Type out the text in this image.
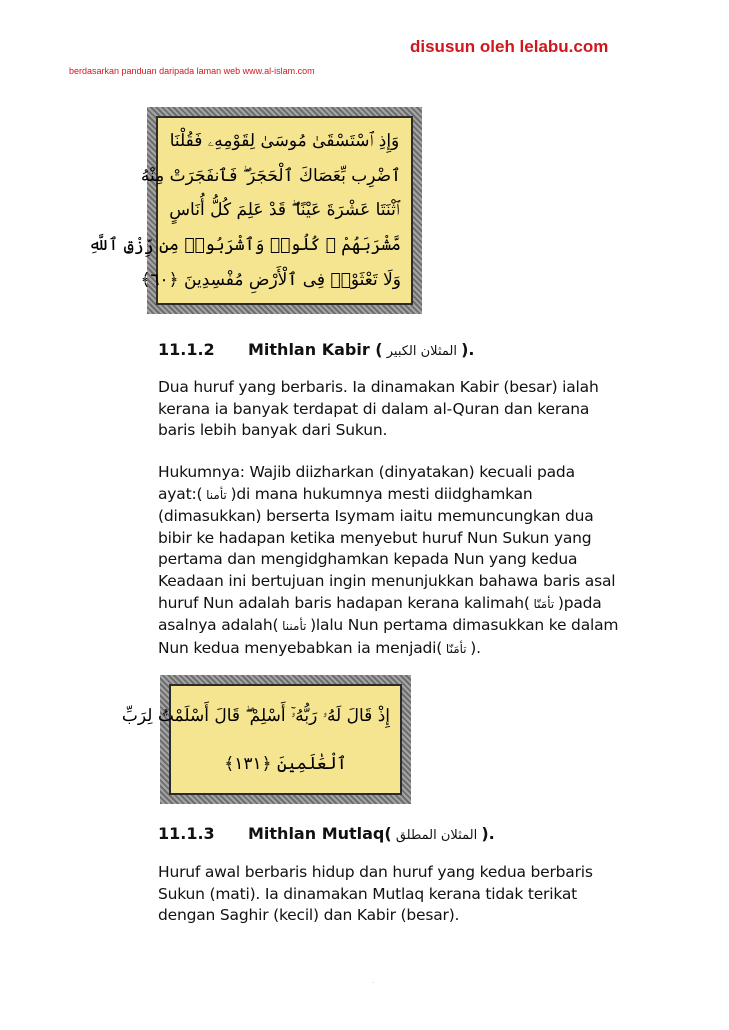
disusun oleh lelabu.com
berdasarkan panduan daripada laman web www.al-islam.com
وَإِذِ ٱسْتَسْقَىٰ مُوسَىٰ لِقَوْمِهِۦ فَقُلْنَا
ٱضْرِب بِّعَصَاكَ ٱلْحَجَرَ ۖ فَٱنفَجَرَتْ مِنْهُ
ٱثْنَتَا عَشْرَةَ عَيْنًا ۖ قَدْ عَلِمَ كُلُّ أُنَاسٍ
مَّشْرَبَهُمْ ۖ كُلُوا۟ وَٱشْرَبُوا۟ مِن رِّزْقِ ٱللَّهِ
وَلَا تَعْثَوْا۟ فِى ٱلْأَرْضِ مُفْسِدِينَ ﴿٦٠﴾
11.1.2 Mithlan Kabir ( المثلان الكبير ).
Dua huruf yang berbaris. Ia dinamakan Kabir (besar) ialah
kerana ia banyak terdapat di dalam al-Quran dan kerana
baris lebih banyak dari Sukun.
Hukumnya: Wajib diizharkan (dinyatakan) kecuali pada
ayat:( تأمنا )di mana hukumnya mesti diidghamkan
(dimasukkan) berserta Isymam iaitu memuncungkan dua
bibir ke hadapan ketika menyebut huruf Nun Sukun yang
pertama dan mengidghamkan kepada Nun yang kedua
Keadaan ini bertujuan ingin menunjukkan bahawa baris asal
huruf Nun adalah baris hadapan kerana kalimah( تأمَنّا )pada
asalnya adalah( تأمننا )lalu Nun pertama dimasukkan ke dalam
Nun kedua menyebabkan ia menjadi( تأمَنّا ).
إِذْ قَالَ لَهُۥ رَبُّهُۥٓ أَسْلِمْ ۖ قَالَ أَسْلَمْتُ لِرَبِّ
ٱلْعَٰلَمِينَ ﴿١٣١﴾
11.1.3 Mithlan Mutlaq( المثلان المطلق ).
Huruf awal berbaris hidup dan huruf yang kedua berbaris
Sukun (mati). Ia dinamakan Mutlaq kerana tidak terikat
dengan Saghir (kecil) dan Kabir (besar).
.
